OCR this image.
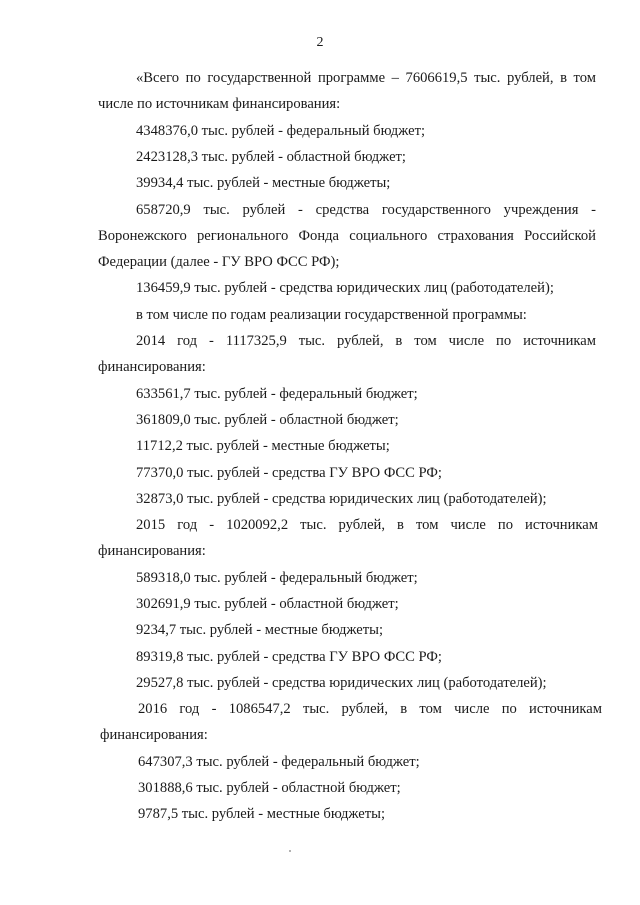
2
«Всего по государственной программе – 7606619,5 тыс. рублей, в том
числе по источникам финансирования:
4348376,0 тыс. рублей - федеральный бюджет;
2423128,3 тыс. рублей - областной бюджет;
39934,4 тыс. рублей - местные бюджеты;
658720,9 тыс. рублей - средства государственного учреждения -
Воронежского регионального Фонда социального страхования Российской
Федерации (далее - ГУ ВРО ФСС РФ);
136459,9 тыс. рублей - средства юридических лиц (работодателей);
в том числе по годам реализации государственной программы:
2014 год - 1117325,9 тыс. рублей, в том числе по источникам
финансирования:
633561,7 тыс. рублей - федеральный бюджет;
361809,0 тыс. рублей - областной бюджет;
11712,2 тыс. рублей - местные бюджеты;
77370,0 тыс. рублей - средства ГУ ВРО ФСС РФ;
32873,0 тыс. рублей - средства юридических лиц (работодателей);
2015 год - 1020092,2 тыс. рублей, в том числе по источникам
финансирования:
589318,0 тыс. рублей - федеральный бюджет;
302691,9 тыс. рублей - областной бюджет;
9234,7 тыс. рублей - местные бюджеты;
89319,8 тыс. рублей - средства ГУ ВРО ФСС РФ;
29527,8 тыс. рублей - средства юридических лиц (работодателей);
2016 год - 1086547,2 тыс. рублей, в том числе по источникам
финансирования:
647307,3 тыс. рублей - федеральный бюджет;
301888,6 тыс. рублей - областной бюджет;
9787,5 тыс. рублей - местные бюджеты;
